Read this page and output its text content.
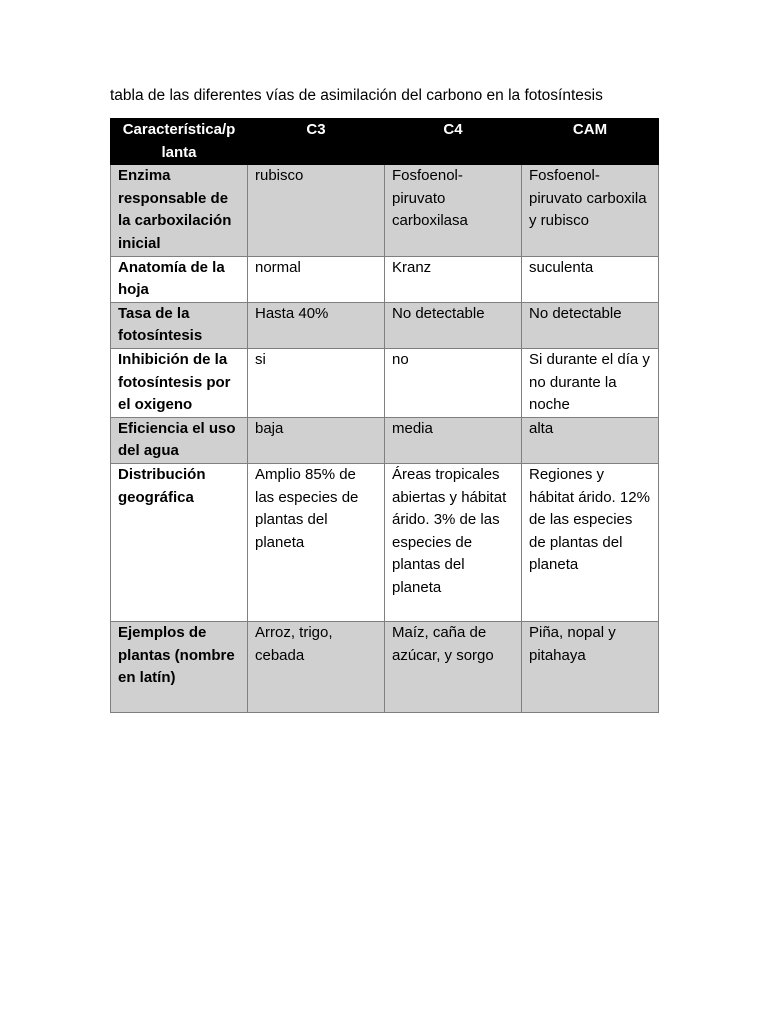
tabla de las diferentes vías de asimilación del carbono en la fotosíntesis
Característica/p lanta	C3	C4	CAM
Enzima responsable de la carboxilación inicial	rubisco	Fosfoenol-piruvato carboxilasa	Fosfoenol-piruvato carboxila y rubisco
Anatomía de la hoja	normal	Kranz	suculenta
Tasa de la fotosíntesis	Hasta 40%	No detectable	No detectable
Inhibición de la fotosíntesis por el oxigeno	si	no	Si durante el día y no durante la noche
Eficiencia el uso del agua	baja	media	alta
Distribución geográfica	Amplio 85% de las especies de plantas del planeta	Áreas tropicales abiertas y hábitat árido. 3% de las especies de plantas del planeta	Regiones y hábitat árido. 12% de las especies de plantas del planeta
Ejemplos de plantas (nombre en latín)	Arroz, trigo, cebada	Maíz, caña de azúcar, y sorgo	Piña, nopal y pitahaya
